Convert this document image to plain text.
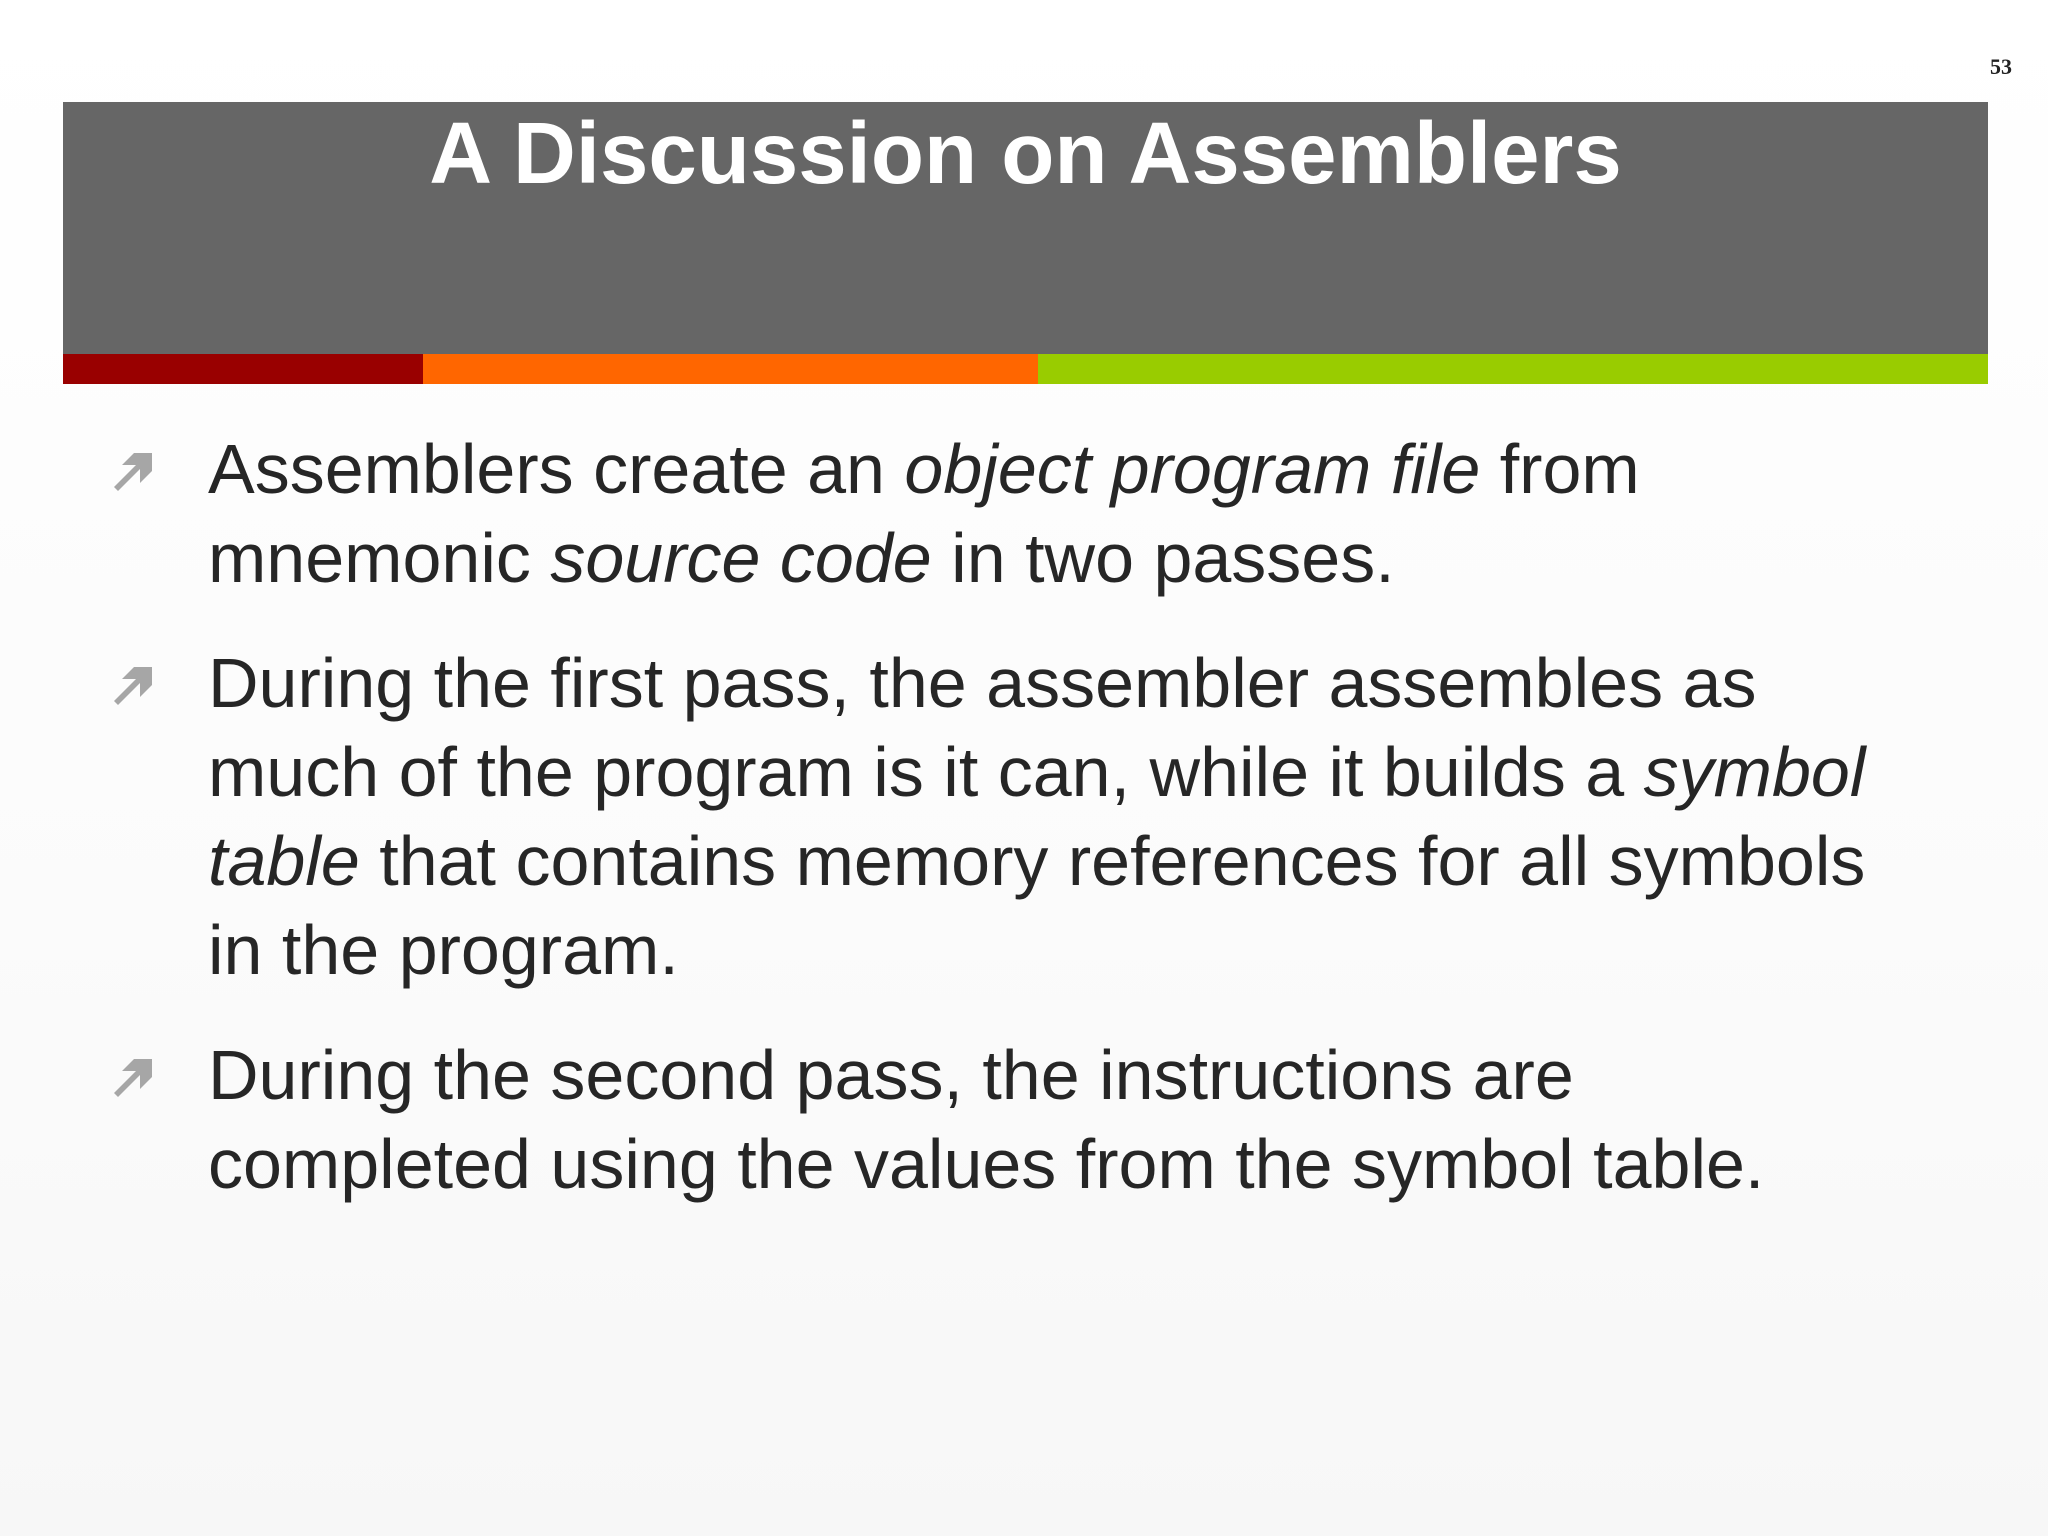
53
A Discussion on Assemblers
Assemblers create an object program file from mnemonic source code in two passes.
During the first pass, the assembler assembles as much of the program is it can, while it builds a symbol table that contains memory references for all symbols in the program.
During the second pass, the instructions are completed using the values from the symbol table.
